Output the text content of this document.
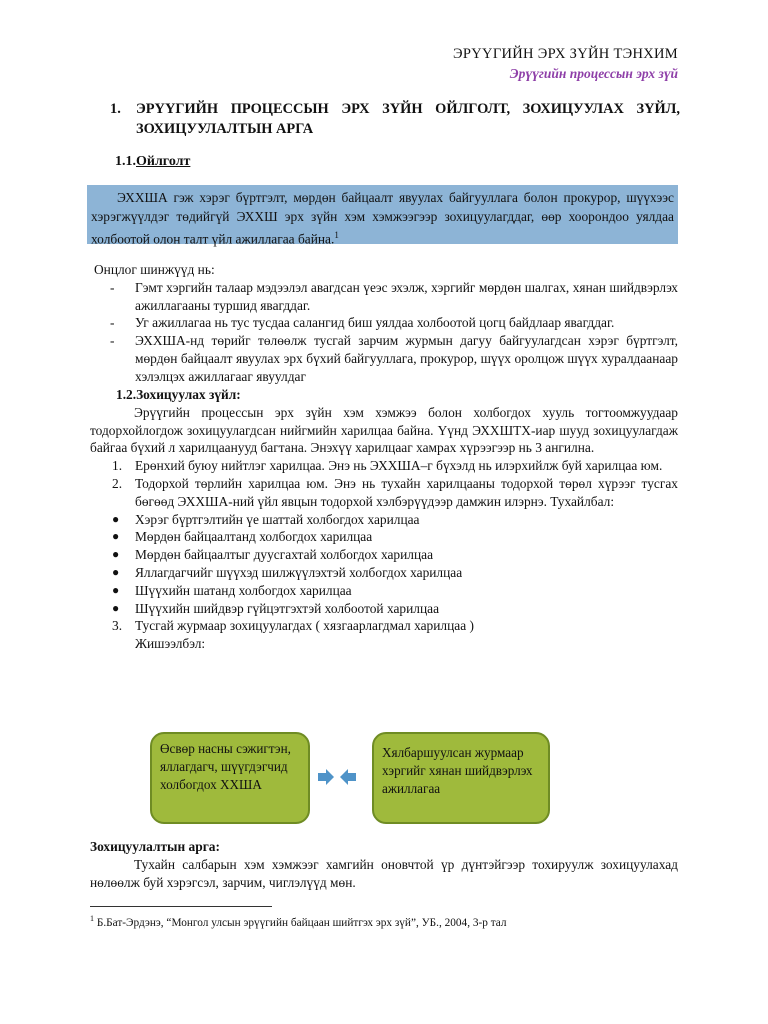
ЭРҮҮГИЙН ЭРХ ЗҮЙН ТЭНХИМ
Эрүүгийн процессын эрх зүй
1. ЭРҮҮГИЙН ПРОЦЕССЫН ЭРХ ЗҮЙН ОЙЛГОЛТ, ЗОХИЦУУЛАХ ЗҮЙЛ, ЗОХИЦУУЛАЛТЫН АРГА
1.1.Ойлголт

ЭХХША гэж хэрэг бүртгэлт, мөрдөн байцаалт явуулах байгууллага болон прокурор, шүүхээс хэрэгжүүлдэг төдийгүй ЭХХШ эрх зүйн хэм хэмжээгээр зохицуулагддаг, өөр хоорондоо уялдаа холбоотой олон талт үйл ажиллагаа байна.$^1$

Онцлог шинжүүд нь:
- Гэмт хэргийн талаар мэдээлэл авагдсан үеэс эхэлж, хэргийг мөрдөн шалгах, хянан шийдвэрлэх ажиллагааны туршид явагддаг.
- Уг ажиллагаа нь тус тусдаа салангид биш уялдаа холбоотой цогц байдлаар явагддаг.
- ЭХХША-нд төрийг төлөөлж тусгай зарчим журмын дагуу байгуулагдсан хэрэг бүртгэлт, мөрдөн байцаалт явуулах эрх бүхий байгууллага, прокурор, шүүх оролцож шүүх хуралдаанаар хэлэлцэх ажиллагааг явуулдаг
1.2.Зохицуулах зүйл:
Эрүүгийн процессын эрх зүйн хэм хэмжээ болон холбогдох хууль тогтоомжуудаар тодорхойлогдож зохицуулагдсан нийгмийн харилцаа байна. Үүнд ЭХХШТХ-иар шууд зохицуулагдаж байгаа бүхий л харилцаанууд багтана. Энэхүү харилцааг хамрах хүрээгээр нь 3 ангилна.
1. Ерөнхий буюу нийтлэг харилцаа. Энэ нь ЭХХША–г бүхэлд нь илэрхийлж буй харилцаа юм.
2. Тодорхой төрлийн харилцаа юм. Энэ нь тухайн харилцааны тодорхой төрөл хүрээг тусгах бөгөөд ЭХХША-ний үйл явцын тодорхой хэлбэрүүдээр дамжин илэрнэ. Тухайлбал:
● Хэрэг бүртгэлтийн үе шаттай холбогдох харилцаа
● Мөрдөн байцаалтанд холбогдох харилцаа
● Мөрдөн байцаалтыг дуусгахтай холбогдох харилцаа
● Яллагдагчийг шүүхэд шилжүүлэхтэй холбогдох харилцаа
● Шүүхийн шатанд холбогдох харилцаа
● Шүүхийн шийдвэр гүйцэтгэхтэй холбоотой харилцаа
3. Тусгай журмаар зохицуулагдах ( хязгаарлагдмал харилцаа )
Жишээлбэл:
Өсвөр насны сэжигтэн, яллагдагч, шүүгдэгчид холбогдох ХХША
Хялбаршуулсан журмаар хэргийг хянан шийдвэрлэх ажиллагаа
Зохицуулалтын арга:
Тухайн салбарын хэм хэмжээг хамгийн оновчтой үр дүнтэйгээр тохируулж зохицуулахад нөлөөлж буй хэрэгсэл, зарчим, чиглэлүүд мөн.
$^1$ Б.Бат-Эрдэнэ, “Монгол улсын эрүүгийн байцаан шийтгэх эрх зүй”, УБ., 2004, 3-р тал
